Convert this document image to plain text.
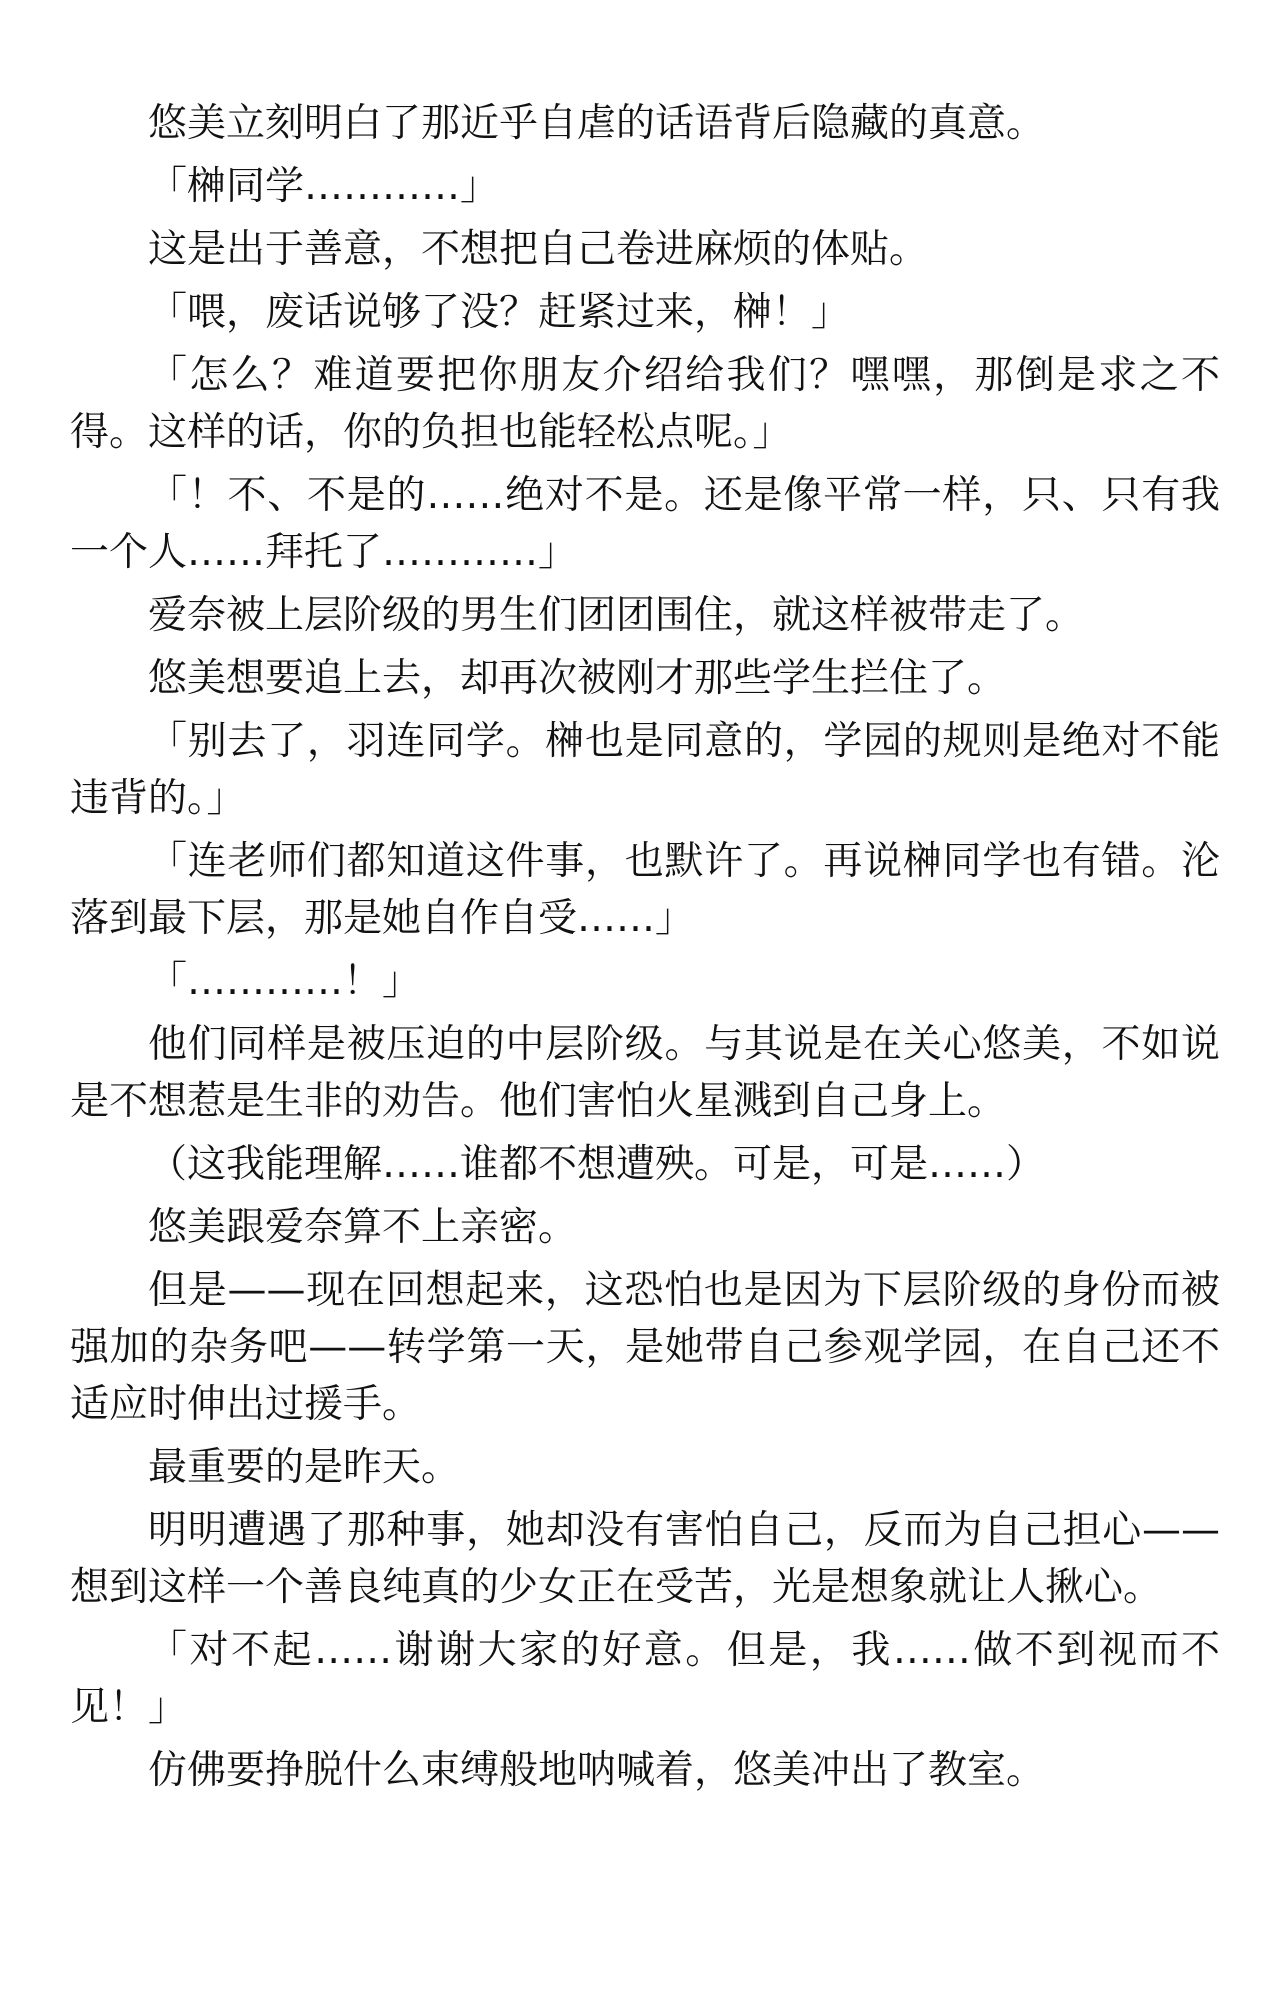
悠美立刻明白了那近乎自虐的话语背后隐藏的真意。

「榊同学…………」

这是出于善意，不想把自己卷进麻烦的体贴。

「喂，废话说够了没？赶紧过来，榊！」

「怎么？难道要把你朋友介绍给我们？嘿嘿，那倒是求之不得。这样的话，你的负担也能轻松点呢。」

「！不、不是的……绝对不是。还是像平常一样，只、只有我一个人……拜托了…………」

爱奈被上层阶级的男生们团团围住，就这样被带走了。

悠美想要追上去，却再次被刚才那些学生拦住了。

「别去了，羽连同学。榊也是同意的，学园的规则是绝对不能违背的。」

「连老师们都知道这件事，也默许了。再说榊同学也有错。沦落到最下层，那是她自作自受……」

「…………！」

他们同样是被压迫的中层阶级。与其说是在关心悠美，不如说是不想惹是生非的劝告。他们害怕火星溅到自己身上。

（这我能理解……谁都不想遭殃。可是，可是……）

悠美跟爱奈算不上亲密。

但是——现在回想起来，这恐怕也是因为下层阶级的身份而被强加的杂务吧——转学第一天，是她带自己参观学园，在自己还不适应时伸出过援手。

最重要的是昨天。

明明遭遇了那种事，她却没有害怕自己，反而为自己担心——想到这样一个善良纯真的少女正在受苦，光是想象就让人揪心。

「对不起……谢谢大家的好意。但是，我……做不到视而不见！」

仿佛要挣脱什么束缚般地呐喊着，悠美冲出了教室。
